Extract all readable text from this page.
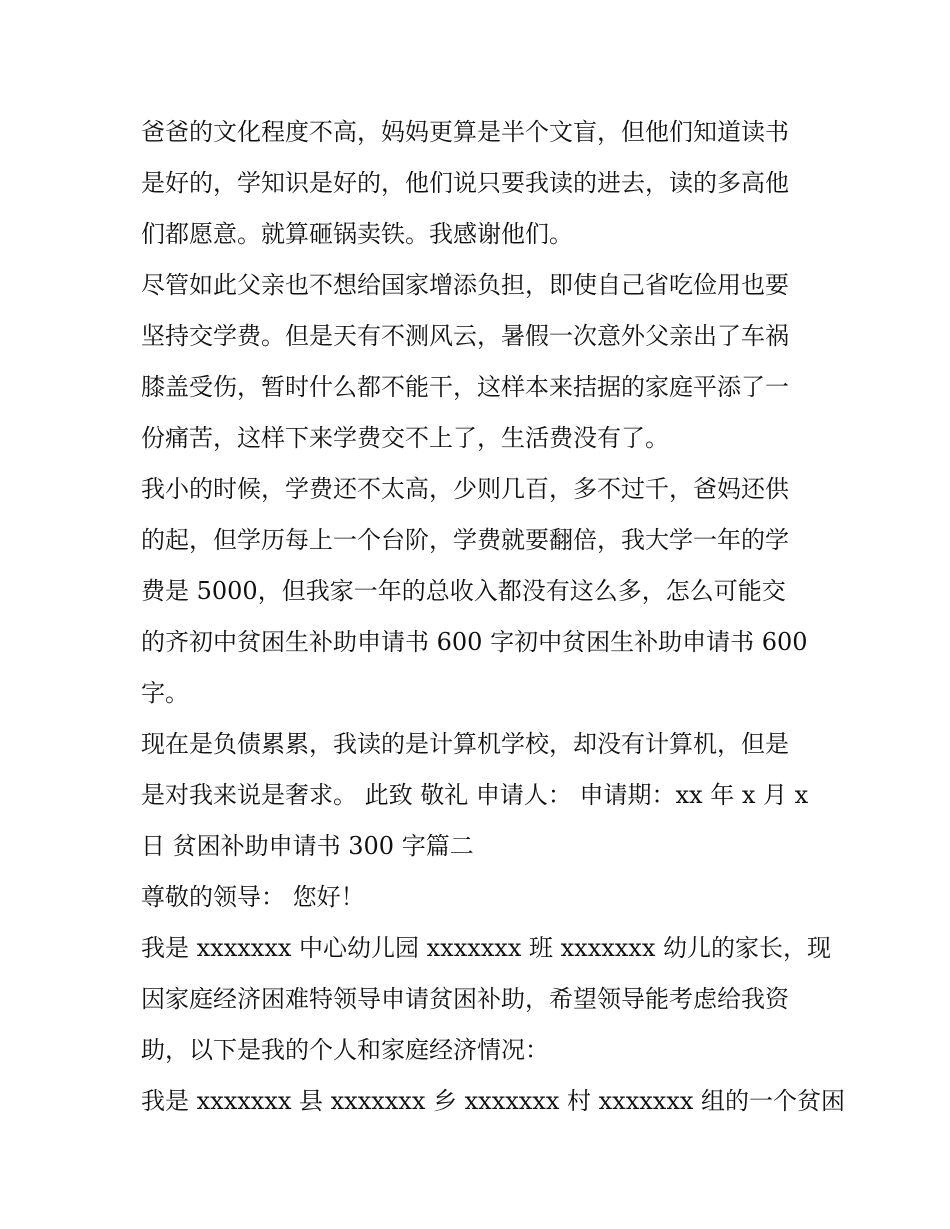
爸爸的文化程度不高，妈妈更算是半个文盲，但他们知道读书
是好的，学知识是好的，他们说只要我读的进去，读的多高他
们都愿意。就算砸锅卖铁。我感谢他们。
尽管如此父亲也不想给国家增添负担，即使自己省吃俭用也要
坚持交学费。但是天有不测风云，暑假一次意外父亲出了车祸
膝盖受伤，暂时什么都不能干，这样本来拮据的家庭平添了一
份痛苦，这样下来学费交不上了，生活费没有了。
我小的时候，学费还不太高，少则几百，多不过千，爸妈还供
的起，但学历每上一个台阶，学费就要翻倍，我大学一年的学
费是 5000，但我家一年的总收入都没有这么多，怎么可能交
的齐初中贫困生补助申请书 600 字初中贫困生补助申请书 600
字。
现在是负债累累，我读的是计算机学校，却没有计算机，但是
是对我来说是奢求。 此致 敬礼 申请人： 申请期：xx 年 x 月 x
日 贫困补助申请书 300 字篇二
尊敬的领导： 您好！
我是 xxxxxxx 中心幼儿园 xxxxxxx 班 xxxxxxx 幼儿的家长，现
因家庭经济困难特领导申请贫困补助，希望领导能考虑给我资
助，以下是我的个人和家庭经济情况：
我是 xxxxxxx 县 xxxxxxx 乡 xxxxxxx 村 xxxxxxx 组的一个贫困
